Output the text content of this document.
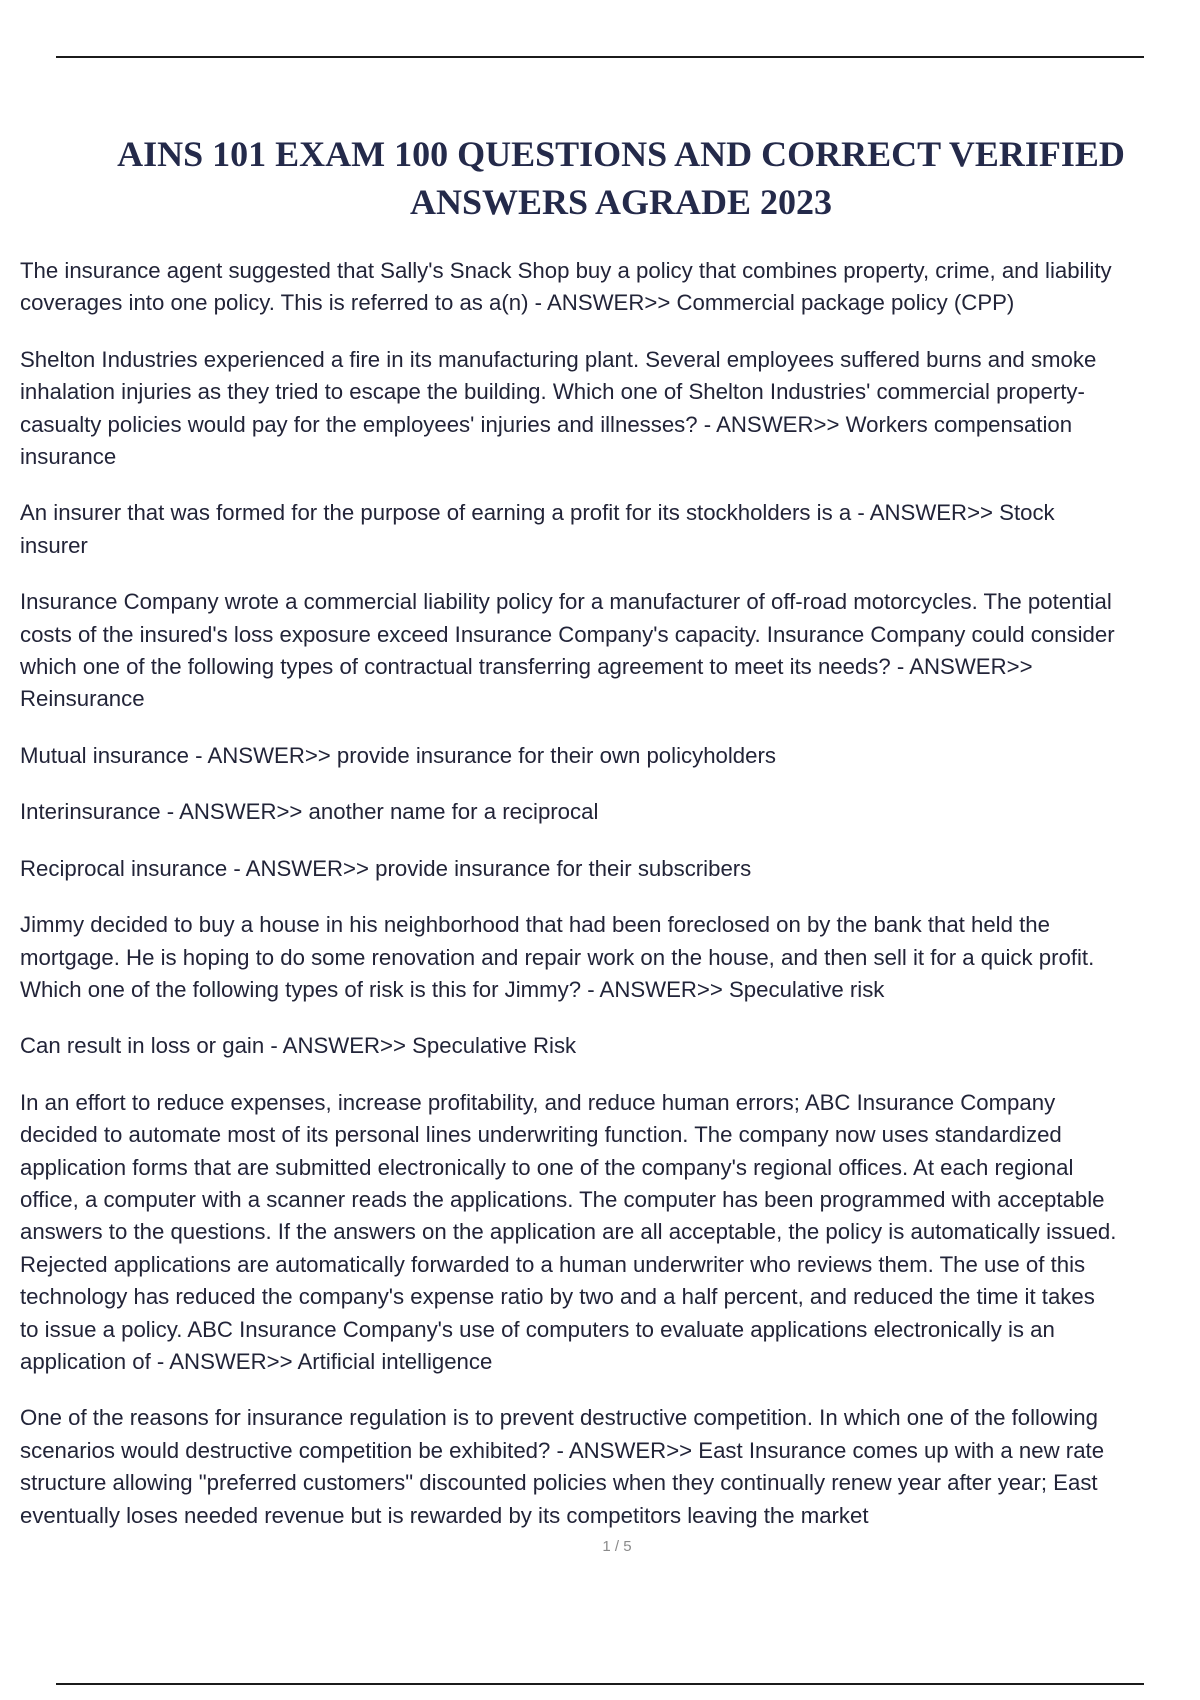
AINS 101 EXAM 100 QUESTIONS AND CORRECT VERIFIED
ANSWERS AGRADE 2023
The insurance agent suggested that Sally's Snack Shop buy a policy that combines property, crime, and liability
coverages into one policy. This is referred to as a(n) - ANSWER>> Commercial package policy (CPP)
Shelton Industries experienced a fire in its manufacturing plant. Several employees suffered burns and smoke
inhalation injuries as they tried to escape the building. Which one of Shelton Industries' commercial property-
casualty policies would pay for the employees' injuries and illnesses? - ANSWER>> Workers compensation
insurance
An insurer that was formed for the purpose of earning a profit for its stockholders is a - ANSWER>> Stock
insurer
Insurance Company wrote a commercial liability policy for a manufacturer of off-road motorcycles. The potential
costs of the insured's loss exposure exceed Insurance Company's capacity. Insurance Company could consider
which one of the following types of contractual transferring agreement to meet its needs? - ANSWER>>
Reinsurance
Mutual insurance - ANSWER>> provide insurance for their own policyholders
Interinsurance - ANSWER>> another name for a reciprocal
Reciprocal insurance - ANSWER>> provide insurance for their subscribers
Jimmy decided to buy a house in his neighborhood that had been foreclosed on by the bank that held the
mortgage. He is hoping to do some renovation and repair work on the house, and then sell it for a quick profit.
Which one of the following types of risk is this for Jimmy? - ANSWER>> Speculative risk
Can result in loss or gain - ANSWER>> Speculative Risk
In an effort to reduce expenses, increase profitability, and reduce human errors; ABC Insurance Company
decided to automate most of its personal lines underwriting function. The company now uses standardized
application forms that are submitted electronically to one of the company's regional offices. At each regional
office, a computer with a scanner reads the applications. The computer has been programmed with acceptable
answers to the questions. If the answers on the application are all acceptable, the policy is automatically issued.
Rejected applications are automatically forwarded to a human underwriter who reviews them. The use of this
technology has reduced the company's expense ratio by two and a half percent, and reduced the time it takes
to issue a policy. ABC Insurance Company's use of computers to evaluate applications electronically is an
application of - ANSWER>> Artificial intelligence
One of the reasons for insurance regulation is to prevent destructive competition. In which one of the following
scenarios would destructive competition be exhibited? - ANSWER>> East Insurance comes up with a new rate
structure allowing "preferred customers" discounted policies when they continually renew year after year; East
eventually loses needed revenue but is rewarded by its competitors leaving the market
1 / 5
